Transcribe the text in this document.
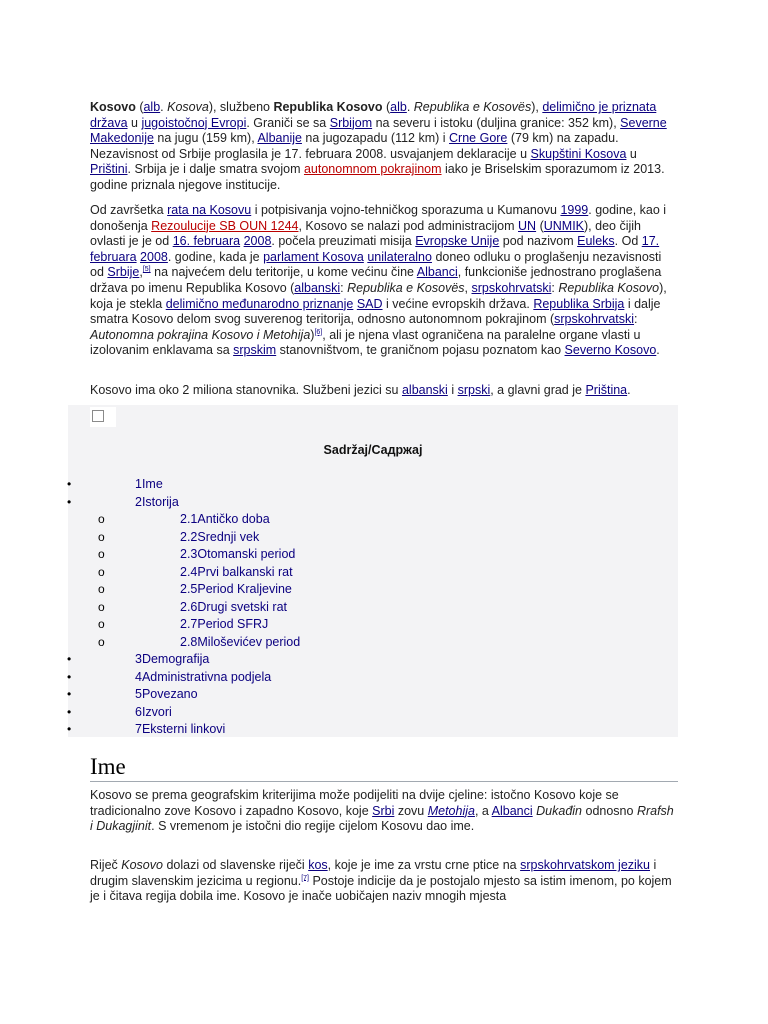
Kosovo (alb. Kosova), službeno Republika Kosovo (alb. Republika e Kosovës), delimično je priznata država u jugoistočnoj Evropi. Graniči se sa Srbijom na severu i istoku (duljina granice: 352 km), Severne Makedonije na jugu (159 km), Albanije na jugozapadu (112 km) i Crne Gore (79 km) na zapadu. Nezavisnost od Srbije proglasila je 17. februara 2008. usvajanjem deklaracije u Skupštini Kosova u Prištini. Srbija je i dalje smatra svojom autonomnom pokrajinom iako je Briselskim sporazumom iz 2013. godine priznala njegove institucije.

Od završetka rata na Kosovu i potpisivanja vojno-tehničkog sporazuma u Kumanovu 1999. godine, kao i donošenja Rezoulucije SB OUN 1244, Kosovo se nalazi pod administracijom UN (UNMIK), deo čijih ovlasti je je od 16. februara 2008. počela preuzimati misija Evropske Unije pod nazivom Euleks. Od 17. februara 2008. godine, kada je parlament Kosova unilateralno doneo odluku o proglašenju nezavisnosti od Srbije,[5] na najvećem delu teritorije, u kome većinu čine Albanci, funkcioniše jednostrano proglašena država po imenu Republika Kosovo (albanski: Republika e Kosovës, srpskohrvatski: Republika Kosovo), koja je stekla delimično međunarodno priznanje SAD i većine evropskih država. Republika Srbija i dalje smatra Kosovo delom svog suverenog teritorija, odnosno autonomnom pokrajinom (srpskohrvatski: Autonomna pokrajina Kosovo i Metohija)[6], ali je njena vlast ograničena na paralelne organe vlasti u izolovanim enklavama sa srpskim stanovništvom, te graničnom pojasu poznatom kao Severno Kosovo.

Kosovo ima oko 2 miliona stanovnika. Službeni jezici su albanski i srpski, a glavni grad je Priština.

Sadržaj/Садржај
•	1Ime
•	2Istorija
o	2.1Antičko doba
o	2.2Srednji vek
o	2.3Otomanski period
o	2.4Prvi balkanski rat
o	2.5Period Kraljevine
o	2.6Drugi svetski rat
o	2.7Period SFRJ
o	2.8Miloševićev period
•	3Demografija
•	4Administrativna podjela
•	5Povezano
•	6Izvori
•	7Eksterni linkovi
Ime

Kosovo se prema geografskim kriterijima može podijeliti na dvije cjeline: istočno Kosovo koje se tradicionalno zove Kosovo i zapadno Kosovo, koje Srbi zovu Metohija, a Albanci Dukađin odnosno Rrafsh i Dukagjinit. S vremenom je istočni dio regije cijelom Kosovu dao ime.

Riječ Kosovo dolazi od slavenske riječi kos, koje je ime za vrstu crne ptice na srpskohrvatskom jeziku i drugim slavenskim jezicima u regionu.[7] Postoje indicije da je postojalo mjesto sa istim imenom, po kojem je i čitava regija dobila ime. Kosovo je inače uobičajen naziv mnogih mjesta
